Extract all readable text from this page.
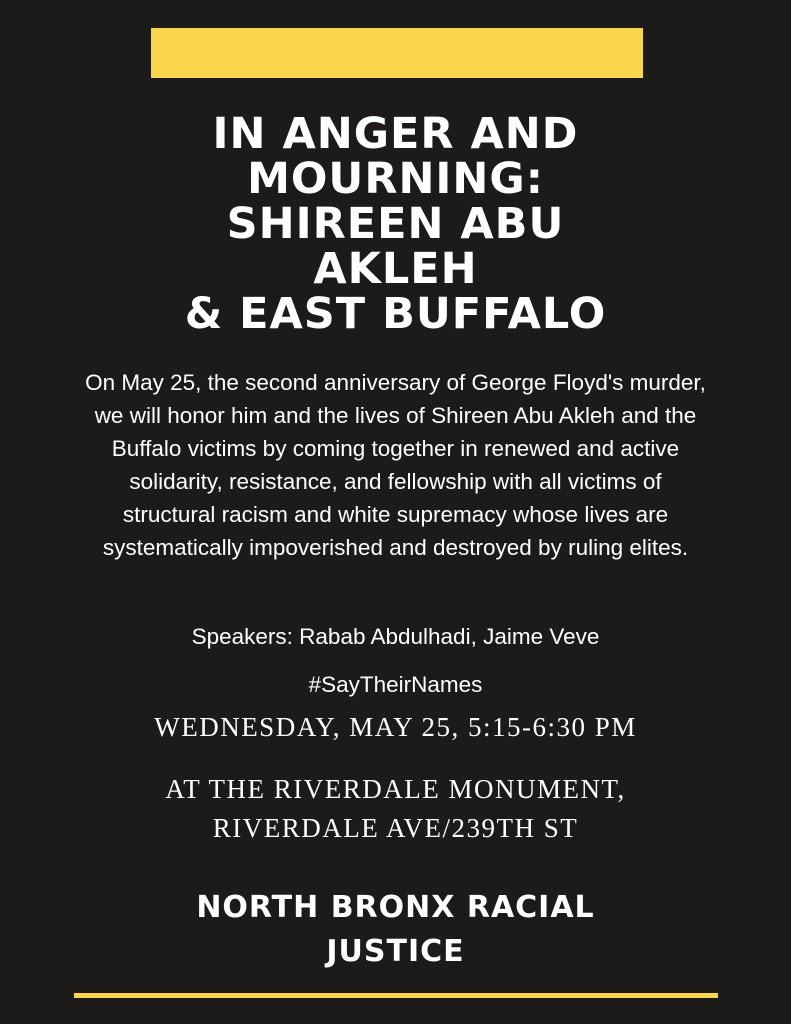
IN ANGER AND
MOURNING:
SHIREEN ABU
AKLEH
& EAST BUFFALO
On May 25, the second anniversary of George Floyd's murder,
we will honor him and the lives of Shireen Abu Akleh and the
Buffalo victims by coming together in renewed and active
solidarity, resistance, and fellowship with all victims of
structural racism and white supremacy whose lives are
systematically impoverished and destroyed by ruling elites.
Speakers: Rabab Abdulhadi, Jaime Veve
#SayTheirNames
WEDNESDAY, MAY 25, 5:15-6:30 PM
AT THE RIVERDALE MONUMENT,
RIVERDALE AVE/239TH ST
NORTH BRONX RACIAL
JUSTICE
